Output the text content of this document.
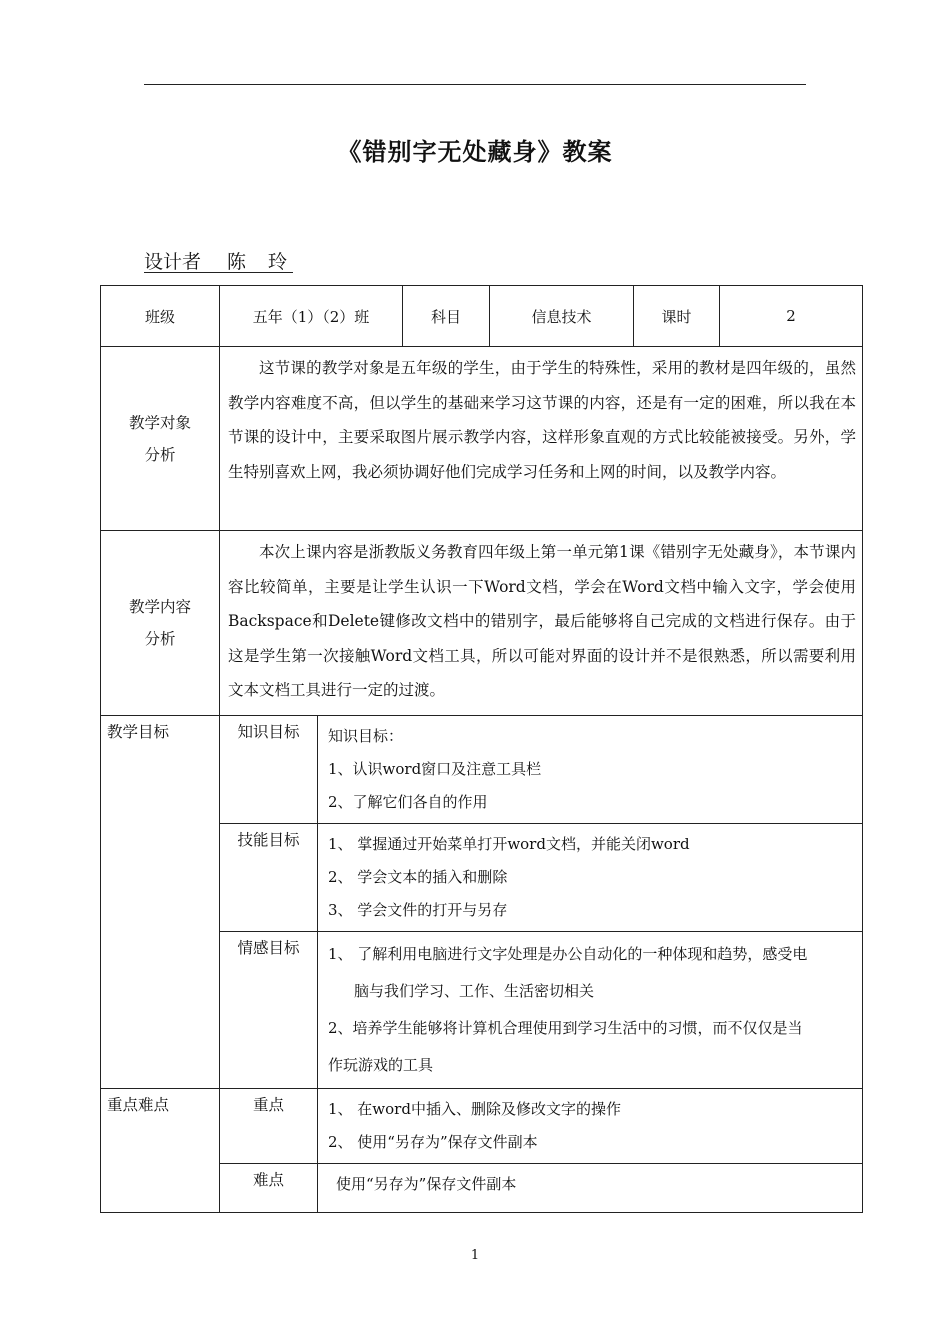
《错别字无处藏身》教案
设计者 陈 玲
班级	五年（1）（2）班		科目	信息技术	课时	2

教学对象
分析	这节课的教学对象是五年级的学生，由于学生的特殊性，采用的教材是四年级的，虽然教学内容难度不高，但以学生的基础来学习这节课的内容，还是有一定的困难，所以我在本节课的设计中，主要采取图片展示教学内容，这样形象直观的方式比较能被接受。另外，学生特别喜欢上网，我必须协调好他们完成学习任务和上网的时间，以及教学内容。					

教学内容
分析	本次上课内容是浙教版义务教育四年级上第一单元第1课《错别字无处藏身》，本节课内容比较简单，主要是让学生认识一下Word文档，学会在Word文档中输入文字，学会使用Backspace和Delete键修改文档中的错别字，最后能够将自己完成的文档进行保存。由于这是学生第一次接触Word文档工具，所以可能对界面的设计并不是很熟悉，所以需要利用文本文档工具进行一定的过渡。					

教学目标	知识目标	知识目标：
1、认识word窗口及注意工具栏
2、了解它们各自的作用				

	技能目标	1、 掌握通过开始菜单打开word文档，并能关闭word
2、 学会文本的插入和删除
3、 学会文件的打开与另存				

	情感目标	1、 了解利用电脑进行文字处理是办公自动化的一种体现和趋势，感受电
脑与我们学习、工作、生活密切相关
2、培养学生能够将计算机合理使用到学习生活中的习惯，而不仅仅是当
作玩游戏的工具				

重点难点	重点	1、 在word中插入、删除及修改文字的操作
2、 使用“另存为”保存文件副本				

	难点	使用“另存为”保存文件副本				
1
